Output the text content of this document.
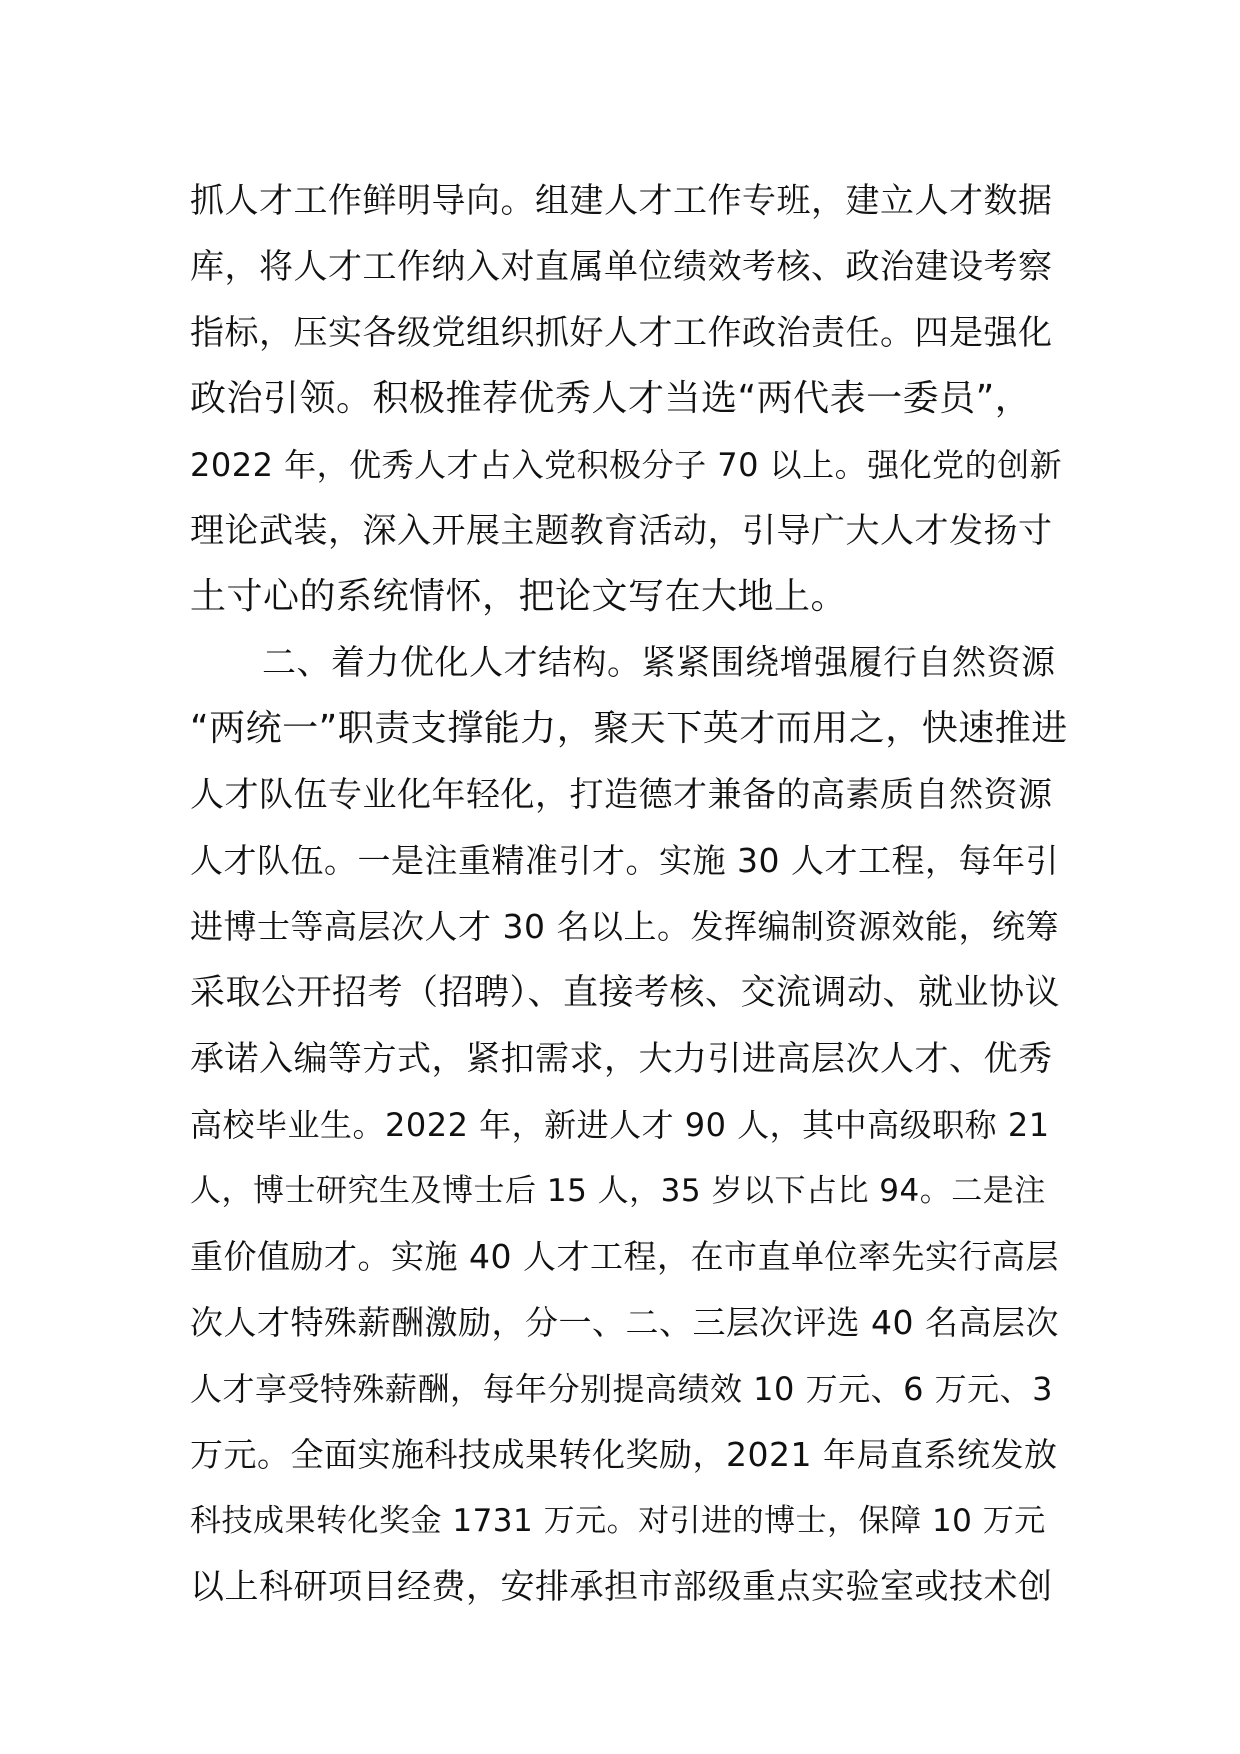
抓人才工作鲜明导向。组建人才工作专班，建立人才数据
库，将人才工作纳入对直属单位绩效考核、政治建设考察
指标，压实各级党组织抓好人才工作政治责任。四是强化
政治引领。积极推荐优秀人才当选“两代表一委员”，
2022 年，优秀人才占入党积极分子 70 以上。强化党的创新
理论武装，深入开展主题教育活动，引导广大人才发扬寸
土寸心的系统情怀，把论文写在大地上。
二、着力优化人才结构。紧紧围绕增强履行自然资源
“两统一”职责支撑能力，聚天下英才而用之，快速推进
人才队伍专业化年轻化，打造德才兼备的高素质自然资源
人才队伍。一是注重精准引才。实施 30 人才工程，每年引
进博士等高层次人才 30 名以上。发挥编制资源效能，统筹
采取公开招考（招聘）、直接考核、交流调动、就业协议
承诺入编等方式，紧扣需求，大力引进高层次人才、优秀
高校毕业生。2022 年，新进人才 90 人，其中高级职称 21
人，博士研究生及博士后 15 人，35 岁以下占比 94。二是注
重价值励才。实施 40 人才工程，在市直单位率先实行高层
次人才特殊薪酬激励，分一、二、三层次评选 40 名高层次
人才享受特殊薪酬，每年分别提高绩效 10 万元、6 万元、3
万元。全面实施科技成果转化奖励，2021 年局直系统发放
科技成果转化奖金 1731 万元。对引进的博士，保障 10 万元
以上科研项目经费，安排承担市部级重点实验室或技术创
